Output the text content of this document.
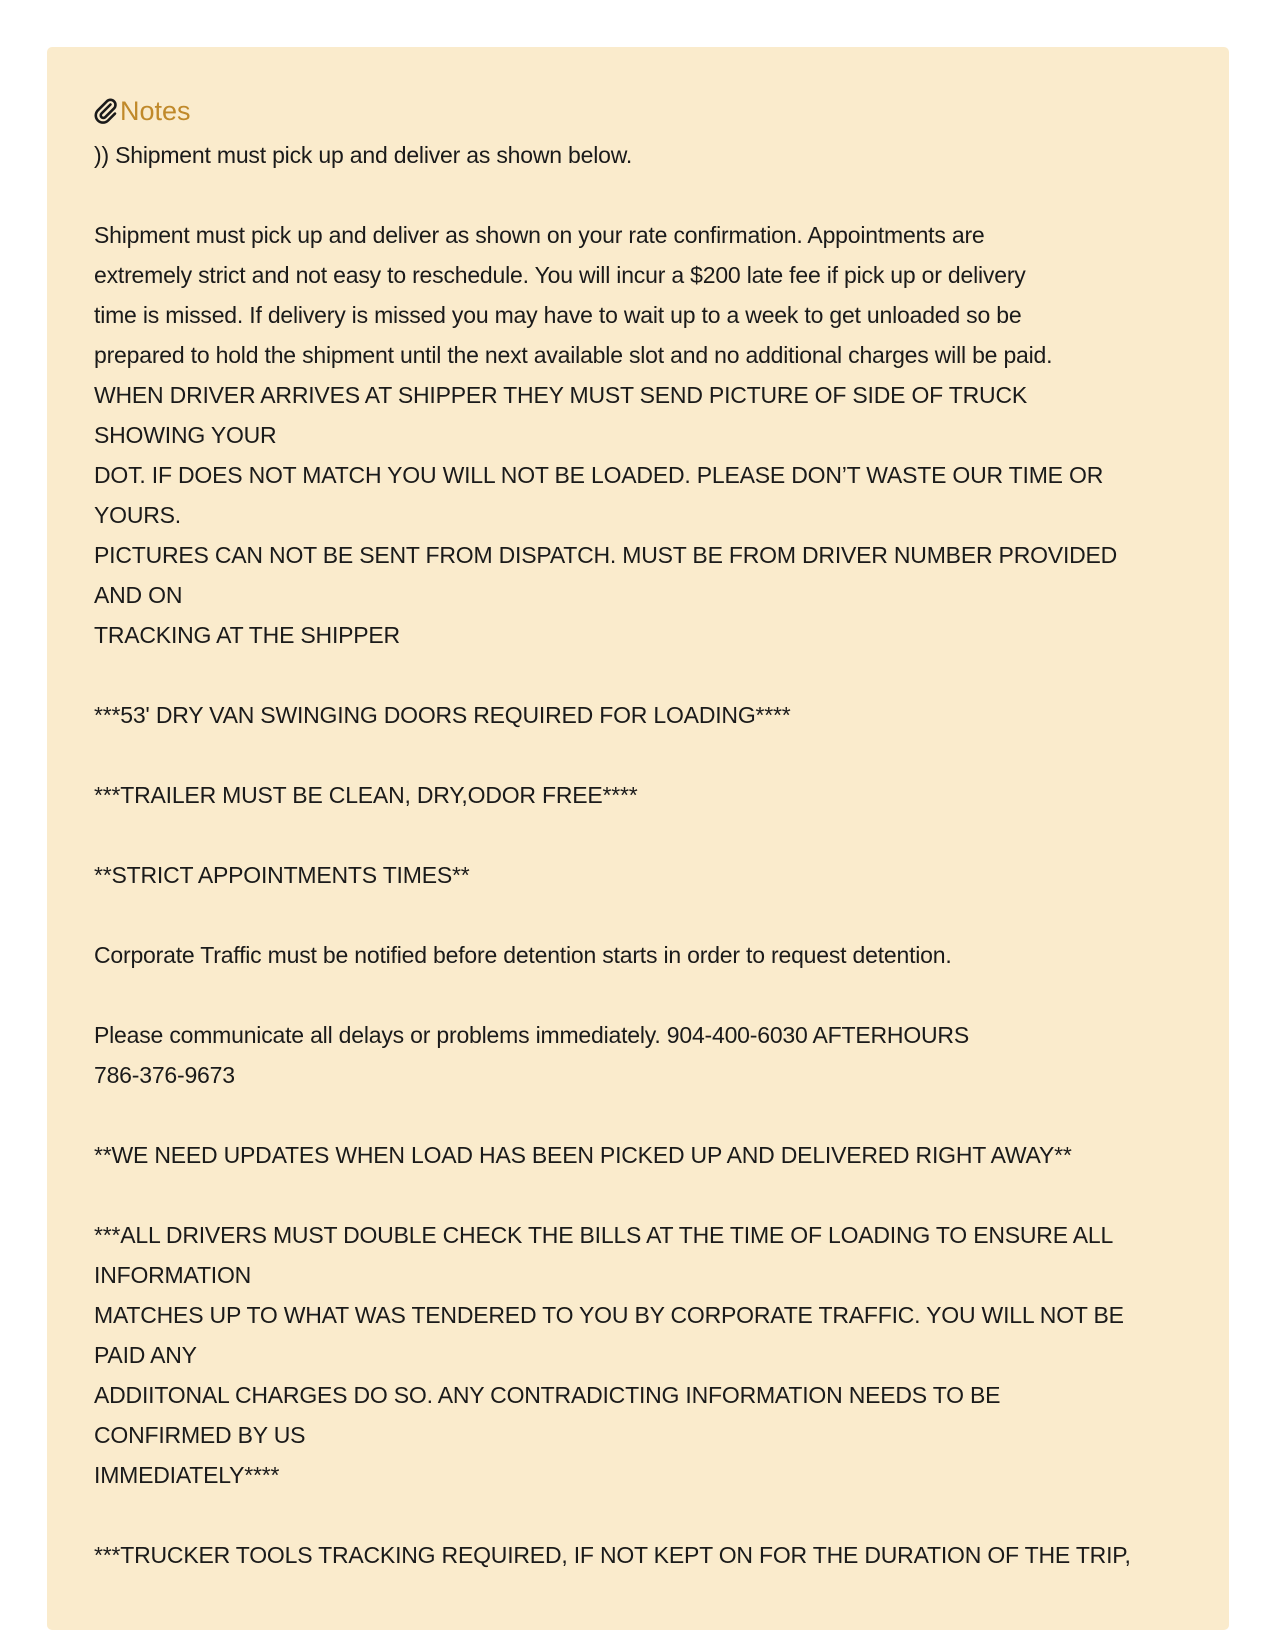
Notes
)) Shipment must pick up and deliver as shown below.
Shipment must pick up and deliver as shown on your rate confirmation. Appointments are
extremely strict and not easy to reschedule. You will incur a $200 late fee if pick up or delivery
time is missed. If delivery is missed you may have to wait up to a week to get unloaded so be
prepared to hold the shipment until the next available slot and no additional charges will be paid.
WHEN DRIVER ARRIVES AT SHIPPER THEY MUST SEND PICTURE OF SIDE OF TRUCK
SHOWING YOUR
DOT. IF DOES NOT MATCH YOU WILL NOT BE LOADED. PLEASE DON’T WASTE OUR TIME OR
YOURS.
PICTURES CAN NOT BE SENT FROM DISPATCH. MUST BE FROM DRIVER NUMBER PROVIDED
AND ON
TRACKING AT THE SHIPPER
***53' DRY VAN SWINGING DOORS REQUIRED FOR LOADING****
***TRAILER MUST BE CLEAN, DRY,ODOR FREE****
**STRICT APPOINTMENTS TIMES**
Corporate Traffic must be notified before detention starts in order to request detention.
Please communicate all delays or problems immediately. 904-400-6030 AFTERHOURS
786-376-9673
**WE NEED UPDATES WHEN LOAD HAS BEEN PICKED UP AND DELIVERED RIGHT AWAY**
***ALL DRIVERS MUST DOUBLE CHECK THE BILLS AT THE TIME OF LOADING TO ENSURE ALL
INFORMATION
MATCHES UP TO WHAT WAS TENDERED TO YOU BY CORPORATE TRAFFIC. YOU WILL NOT BE
PAID ANY
ADDIITONAL CHARGES DO SO. ANY CONTRADICTING INFORMATION NEEDS TO BE
CONFIRMED BY US
IMMEDIATELY****
***TRUCKER TOOLS TRACKING REQUIRED, IF NOT KEPT ON FOR THE DURATION OF THE TRIP,
